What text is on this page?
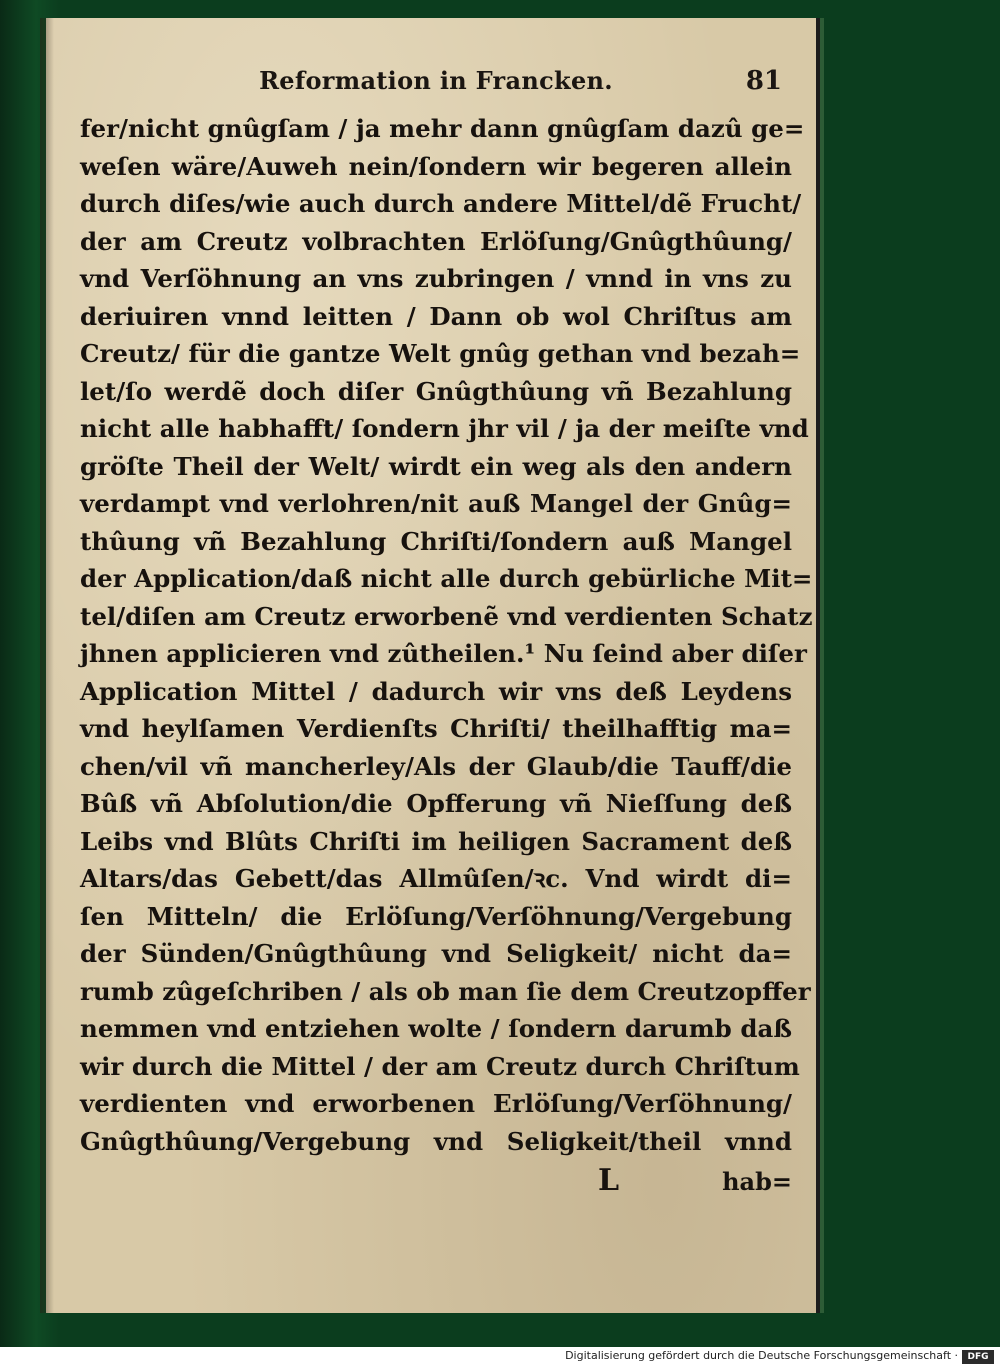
Reformation in Francken.	81
fer/nicht gnûgſam / ja mehr dann gnûgſam dazû ge=
weſen wäre/Auweh nein/ſondern wir begeren allein
durch diſes/wie auch durch andere Mittel/dẽ Frucht/
der am Creutz volbrachten Erlöſung/Gnûgthûung/
vnd Verſöhnung an vns zubringen / vnnd in vns zu
deriuiren vnnd leitten / Dann ob wol Chriſtus am
Creutz/ für die gantze Welt gnûg gethan vnd bezah=
let/ſo werdẽ doch diſer Gnûgthûung vñ Bezahlung
nicht alle habhafft/ ſondern jhr vil / ja der meiſte vnd
gröſte Theil der Welt/ wirdt ein weg als den andern
verdampt vnd verlohren/nit auß Mangel der Gnûg=
thûung vñ Bezahlung Chriſti/ſondern auß Mangel
der Application/daß nicht alle durch gebürliche Mit=
tel/diſen am Creutz erworbenẽ vnd verdienten Schatz
jhnen applicieren vnd zûtheilen.¹ Nu ſeind aber diſer
Application Mittel / dadurch wir vns deß Leydens
vnd heylſamen Verdienſts Chriſti/ theilhafftig ma=
chen/vil vñ mancherley/Als der Glaub/die Tauff/die
Bûß vñ Abſolution/die Opfferung vñ Nieſſung deß
Leibs vnd Blûts Chriſti im heiligen Sacrament deß
Altars/das Gebett/das Allmûſen/ꝛc. Vnd wirdt di=
ſen Mitteln/ die Erlöſung/Verſöhnung/Vergebung
der Sünden/Gnûgthûung vnd Seligkeit/ nicht da=
rumb zûgeſchriben / als ob man ſie dem Creutzopffer
nemmen vnd entziehen wolte / ſondern darumb daß
wir durch die Mittel / der am Creutz durch Chriſtum
verdienten vnd erworbenen Erlöſung/Verſöhnung/
Gnûgthûung/Vergebung vnd Seligkeit/theil vnnd
L	hab=
Digitalisierung gefördert durch die Deutsche Forschungsgemeinschaft ·	DFG
